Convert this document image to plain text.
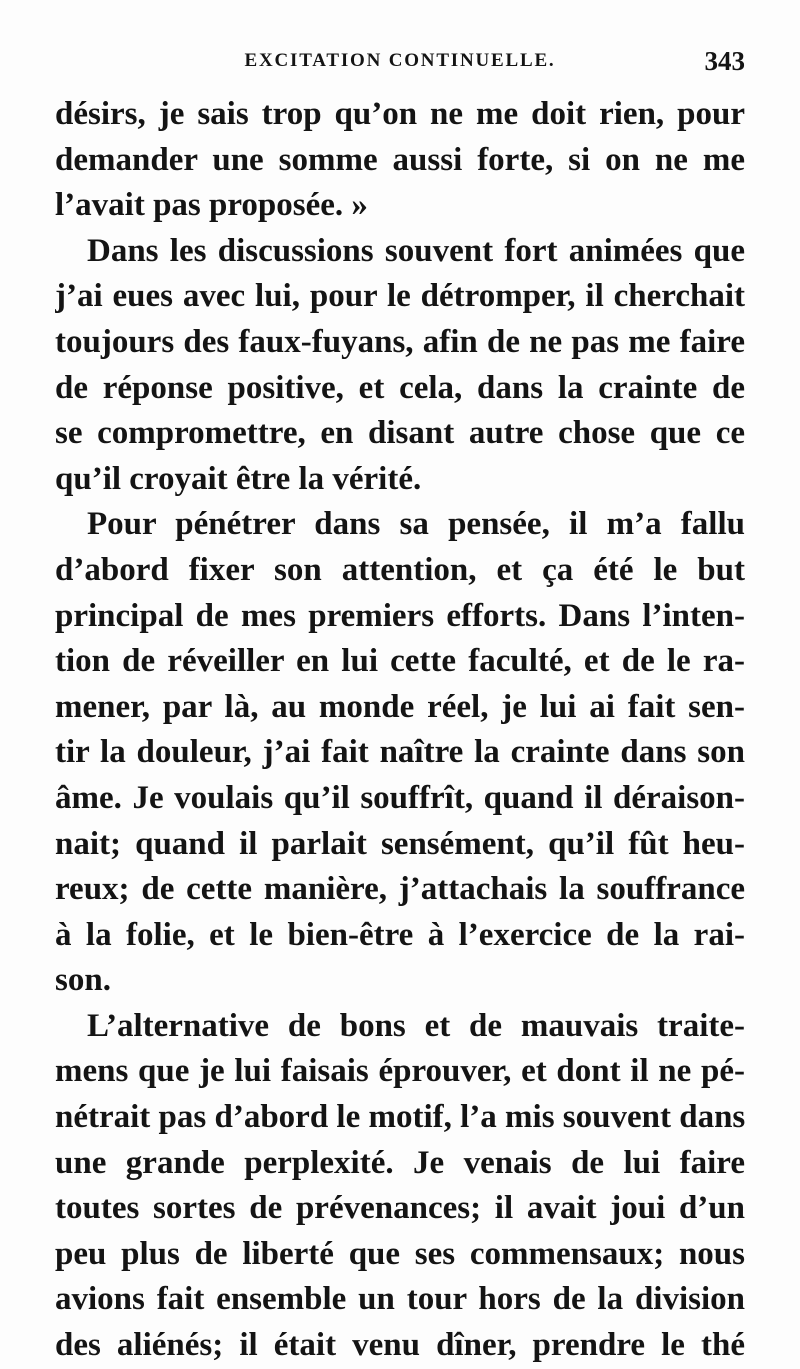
EXCITATION CONTINUELLE.	343
désirs, je sais trop qu’on ne me doit rien, pour
demander une somme aussi forte, si on ne me
l’avait pas proposée. »
Dans les discussions souvent fort animées que
j’ai eues avec lui, pour le détromper, il cherchait
toujours des faux-fuyans, afin de ne pas me faire
de réponse positive, et cela, dans la crainte de
se compromettre, en disant autre chose que ce
qu’il croyait être la vérité.
Pour pénétrer dans sa pensée, il m’a fallu
d’abord fixer son attention, et ça été le but
principal de mes premiers efforts. Dans l’inten-
tion de réveiller en lui cette faculté, et de le ra-
mener, par là, au monde réel, je lui ai fait sen-
tir la douleur, j’ai fait naître la crainte dans son
âme. Je voulais qu’il souffrît, quand il déraison-
nait; quand il parlait sensément, qu’il fût heu-
reux; de cette manière, j’attachais la souffrance
à la folie, et le bien-être à l’exercice de la rai-
son.
L’alternative de bons et de mauvais traite-
mens que je lui faisais éprouver, et dont il ne pé-
nétrait pas d’abord le motif, l’a mis souvent dans
une grande perplexité. Je venais de lui faire
toutes sortes de prévenances; il avait joui d’un
peu plus de liberté que ses commensaux; nous
avions fait ensemble un tour hors de la division
des aliénés; il était venu dîner, prendre le thé
